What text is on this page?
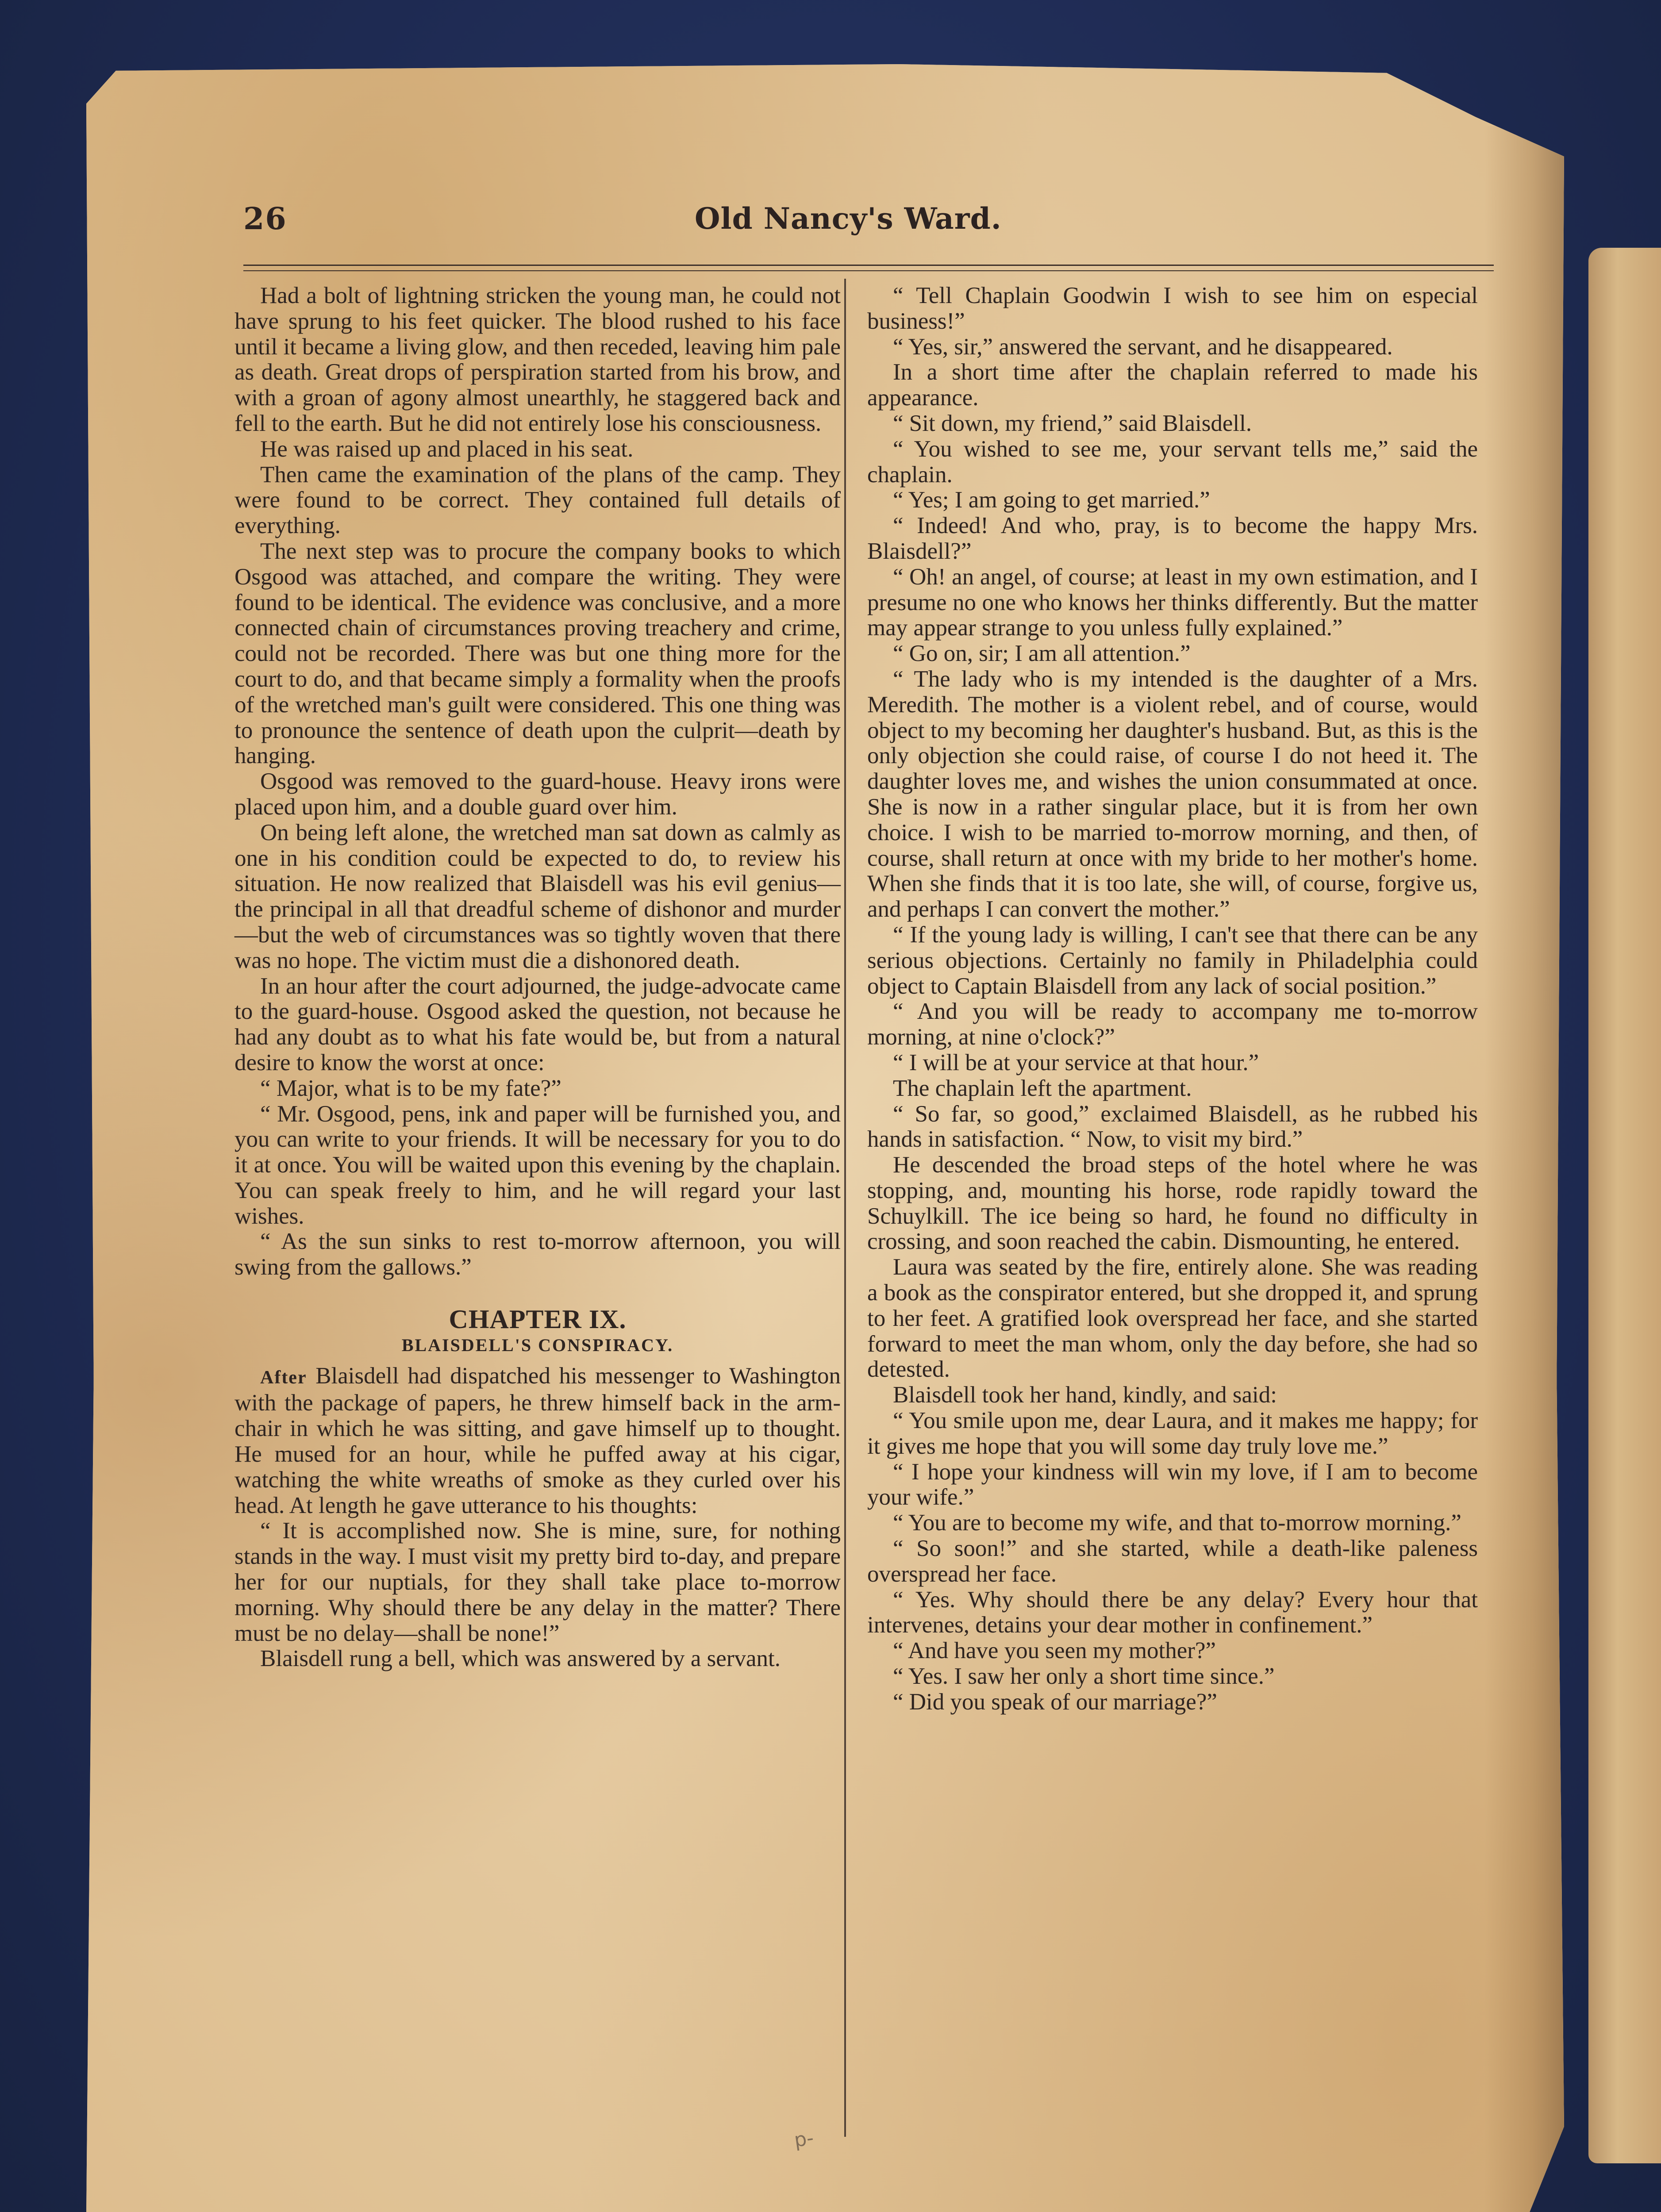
26	Old Nancy's Ward.

Had a bolt of lightning stricken the young man, he could not have sprung to his feet quicker. The blood rushed to his face until it became a living glow, and then receded, leaving him pale as death. Great drops of perspiration started from his brow, and with a groan of agony almost unearthly, he staggered back and fell to the earth. But he did not entirely lose his consciousness.

He was raised up and placed in his seat.

Then came the examination of the plans of the camp. They were found to be correct. They contained full details of everything.

The next step was to procure the company books to which Osgood was attached, and compare the writing. They were found to be identical. The evidence was conclusive, and a more connected chain of circumstances proving treachery and crime, could not be recorded. There was but one thing more for the court to do, and that became simply a formality when the proofs of the wretched man's guilt were considered. This one thing was to pronounce the sentence of death upon the culprit—death by hanging.

Osgood was removed to the guard-house. Heavy irons were placed upon him, and a double guard over him.

On being left alone, the wretched man sat down as calmly as one in his condition could be expected to do, to review his situation. He now realized that Blaisdell was his evil genius—the principal in all that dreadful scheme of dishonor and murder—but the web of circumstances was so tightly woven that there was no hope. The victim must die a dishonored death.

In an hour after the court adjourned, the judge-advocate came to the guard-house. Osgood asked the question, not because he had any doubt as to what his fate would be, but from a natural desire to know the worst at once:

“ Major, what is to be my fate?”

“ Mr. Osgood, pens, ink and paper will be furnished you, and you can write to your friends. It will be necessary for you to do it at once. You will be waited upon this evening by the chaplain. You can speak freely to him, and he will regard your last wishes.

“ As the sun sinks to rest to-morrow afternoon, you will swing from the gallows.”

CHAPTER IX.

BLAISDELL'S CONSPIRACY.

After Blaisdell had dispatched his messenger to Washington with the package of papers, he threw himself back in the arm-chair in which he was sitting, and gave himself up to thought. He mused for an hour, while he puffed away at his cigar, watching the white wreaths of smoke as they curled over his head. At length he gave utterance to his thoughts:

“ It is accomplished now. She is mine, sure, for nothing stands in the way. I must visit my pretty bird to-day, and prepare her for our nuptials, for they shall take place to-morrow morning. Why should there be any delay in the matter? There must be no delay—shall be none!”

Blaisdell rung a bell, which was answered by a servant.

“ Tell Chaplain Goodwin I wish to see him on especial business!”

“ Yes, sir,” answered the servant, and he disappeared.

In a short time after the chaplain referred to made his appearance.

“ Sit down, my friend,” said Blaisdell.

“ You wished to see me, your servant tells me,” said the chaplain.

“ Yes; I am going to get married.”

“ Indeed! And who, pray, is to become the happy Mrs. Blaisdell?”

“ Oh! an angel, of course; at least in my own estimation, and I presume no one who knows her thinks differently. But the matter may appear strange to you unless fully explained.”

“ Go on, sir; I am all attention.”

“ The lady who is my intended is the daughter of a Mrs. Meredith. The mother is a violent rebel, and of course, would object to my becoming her daughter's husband. But, as this is the only objection she could raise, of course I do not heed it. The daughter loves me, and wishes the union consummated at once. She is now in a rather singular place, but it is from her own choice. I wish to be married to-morrow morning, and then, of course, shall return at once with my bride to her mother's home. When she finds that it is too late, she will, of course, forgive us, and perhaps I can convert the mother.”

“ If the young lady is willing, I can't see that there can be any serious objections. Certainly no family in Philadelphia could object to Captain Blaisdell from any lack of social position.”

“ And you will be ready to accompany me to-morrow morning, at nine o'clock?”

“ I will be at your service at that hour.”

The chaplain left the apartment.

“ So far, so good,” exclaimed Blaisdell, as he rubbed his hands in satisfaction. “ Now, to visit my bird.”

He descended the broad steps of the hotel where he was stopping, and, mounting his horse, rode rapidly toward the Schuylkill. The ice being so hard, he found no difficulty in crossing, and soon reached the cabin. Dismounting, he entered.

Laura was seated by the fire, entirely alone. She was reading a book as the conspirator entered, but she dropped it, and sprung to her feet. A gratified look overspread her face, and she started forward to meet the man whom, only the day before, she had so detested.

Blaisdell took her hand, kindly, and said:

“ You smile upon me, dear Laura, and it makes me happy; for it gives me hope that you will some day truly love me.”

“ I hope your kindness will win my love, if I am to become your wife.”

“ You are to become my wife, and that to-morrow morning.”

“ So soon!” and she started, while a death-like paleness overspread her face.

“ Yes. Why should there be any delay? Every hour that intervenes, detains your dear mother in confinement.”

“ And have you seen my mother?”

“ Yes. I saw her only a short time since.”

“ Did you speak of our marriage?”

p-
